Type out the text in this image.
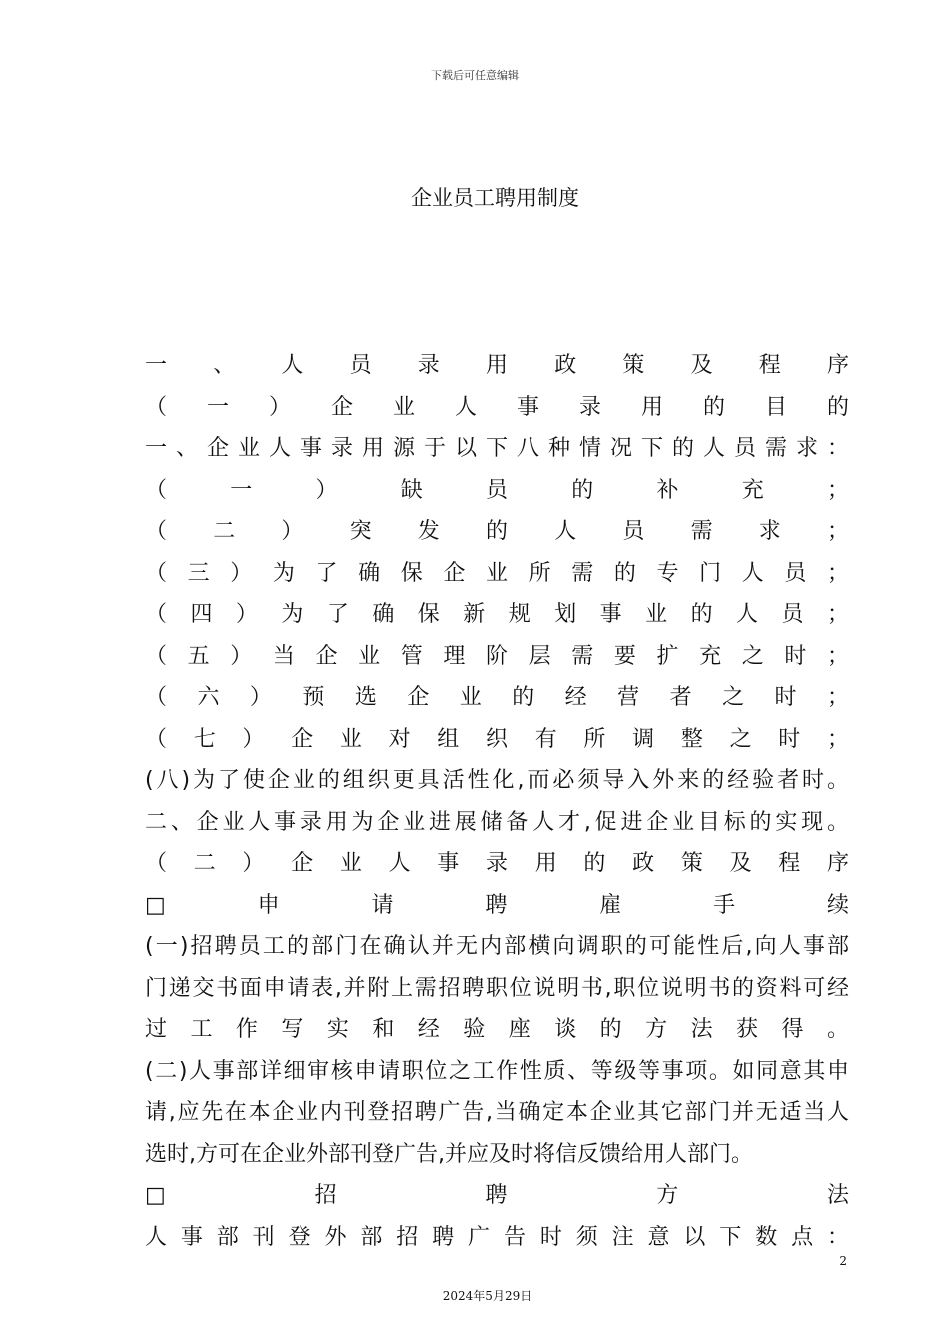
下载后可任意编辑
企业员工聘用制度
一 、 人 员 录 用 政 策 及 程 序
（ 一 ） 企 业 人 事 录 用 的 目 的
一、企业人事录用源于以下八种情况下的人员需求：
（ 一 ） 缺 员 的 补 充 ；
（ 二 ） 突 发 的 人 员 需 求 ；
（三）为了确保企业所需的专门人员；
（四）为了确保新规划事业的人员；
（五）当企业管理阶层需要扩充之时；
（ 六 ） 预 选 企 业 的 经 营 者 之 时 ；
（ 七 ） 企 业 对 组 织 有 所 调 整 之 时 ；
(八)为了使企业的组织更具活性化,而必须导入外来的经验者时。
二、企业人事录用为企业进展储备人才,促进企业目标的实现。
（ 二 ） 企 业 人 事 录 用 的 政 策 及 程 序
□ 申 请 聘 雇 手 续
(一)招聘员工的部门在确认并无内部横向调职的可能性后,向人事部
门递交书面申请表,并附上需招聘职位说明书,职位说明书的资料可经
过 工 作 写 实 和 经 验 座 谈 的 方 法 获 得 。
(二)人事部详细审核申请职位之工作性质、等级等事项。如同意其申
请,应先在本企业内刊登招聘广告,当确定本企业其它部门并无适当人
选时,方可在企业外部刊登广告,并应及时将信反馈给用人部门。
□ 招 聘 方 法
人事部刊登外部招聘广告时须注意以下数点：
2
2024年5月29日
